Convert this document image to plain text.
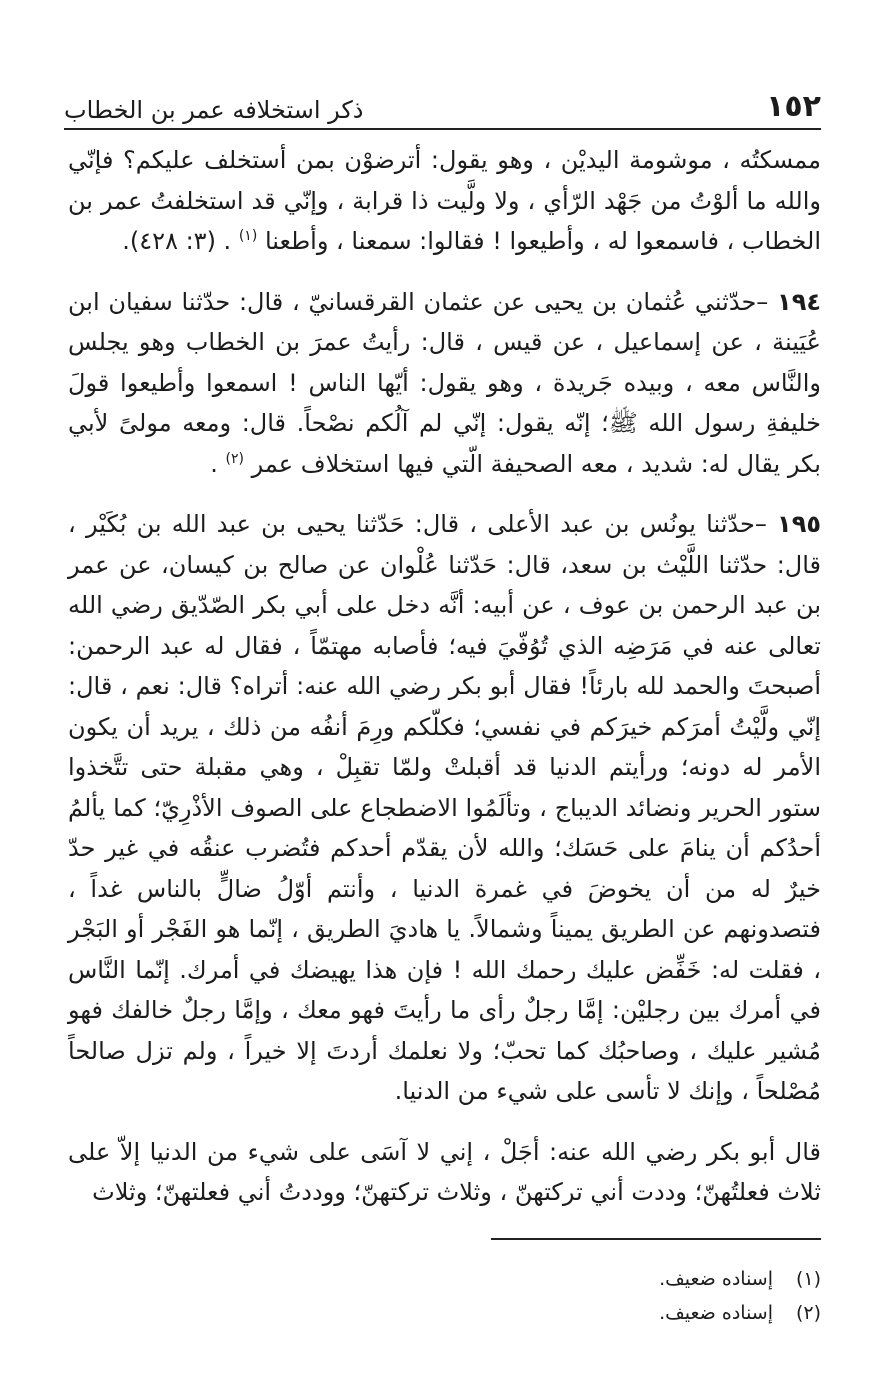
١٥٢
ذكر استخلافه عمر بن الخطاب

ممسكتُه ، موشومة اليديْن ، وهو يقول: أترضوْن بمن أستخلف عليكم؟ فإنّي والله ما ألوْتُ من جَهْد الرّأي ، ولا ولَّيت ذا قرابة ، وإنّي قد استخلفتُ عمر بن الخطاب ، فاسمعوا له ، وأطيعوا ! فقالوا: سمعنا ، وأطعنا $^{(١)}$ . (٣: ٤٢٨).

١٩٤ –حدّثني عُثمان بن يحيى عن عثمان القرقسانيّ ، قال: حدّثنا سفيان ابن عُيَينة ، عن إسماعيل ، عن قيس ، قال: رأيتُ عمرَ بن الخطاب وهو يجلس والنَّاس معه ، وبيده جَريدة ، وهو يقول: أيّها الناس ! اسمعوا وأطيعوا قولَ خليفةِ رسول الله ﷺ؛ إنّه يقول: إنّي لم آلُكم نصْحاً. قال: ومعه مولىً لأبي بكر يقال له: شديد ، معه الصحيفة الّتي فيها استخلاف عمر $^{(٢)}$ .

١٩٥ –حدّثنا يونُس بن عبد الأعلى ، قال: حَدّثنا يحيى بن عبد الله بن بُكَيْر ، قال: حدّثنا اللَّيْث بن سعد، قال: حَدّثنا عُلْوان عن صالح بن كيسان، عن عمر بن عبد الرحمن بن عوف ، عن أبيه: أنَّه دخل على أبي بكر الصّدّيق رضي الله تعالى عنه في مَرَضِه الذي تُوُفّيَ فيه؛ فأصابه مهتمّاً ، فقال له عبد الرحمن: أصبحتَ والحمد لله بارئاً! فقال أبو بكر رضي الله عنه: أتراه؟ قال: نعم ، قال: إنّي ولَّيْتُ أمرَكم خيرَكم في نفسي؛ فكلّكم ورِمَ أنفُه من ذلك ، يريد أن يكون الأمر له دونه؛ ورأيتم الدنيا قد أقبلتْ ولمّا تقبِلْ ، وهي مقبلة حتى تتَّخذوا ستور الحرير ونضائد الديباج ، وتألَمُوا الاضطجاع على الصوف الأذْرِيّ؛ كما يألمُ أحدُكم أن ينامَ على حَسَك؛ والله لأن يقدّم أحدكم فتُضرب عنقُه في غير حدّ خيرٌ له من أن يخوضَ في غمرة الدنيا ، وأنتم أوّلُ ضالٍّ بالناس غداً ، فتصدونهم عن الطريق يميناً وشمالاً. يا هاديَ الطريق ، إنّما هو الفَجْر أو البَجْر ، فقلت له: خَفِّض عليك رحمك الله ! فإن هذا يهيضك في أمرك. إنّما النَّاس في أمرك بين رجليْن: إمَّا رجلٌ رأى ما رأيتَ فهو معك ، وإمَّا رجلٌ خالفك فهو مُشير عليك ، وصاحبُك كما تحبّ؛ ولا نعلمك أردتَ إلا خيراً ، ولم تزل صالحاً مُصْلحاً ، وإنك لا تأسى على شيء من الدنيا.

قال أبو بكر رضي الله عنه: أجَلْ ، إني لا آسَى على شيء من الدنيا إلاّ على ثلاث فعلتُهنّ؛ وددت أني تركتهنّ ، وثلاث تركتهنّ؛ ووددتُ أني فعلتهنّ؛ وثلاث

(١)
إسناده ضعيف.
(٢)
إسناده ضعيف.
